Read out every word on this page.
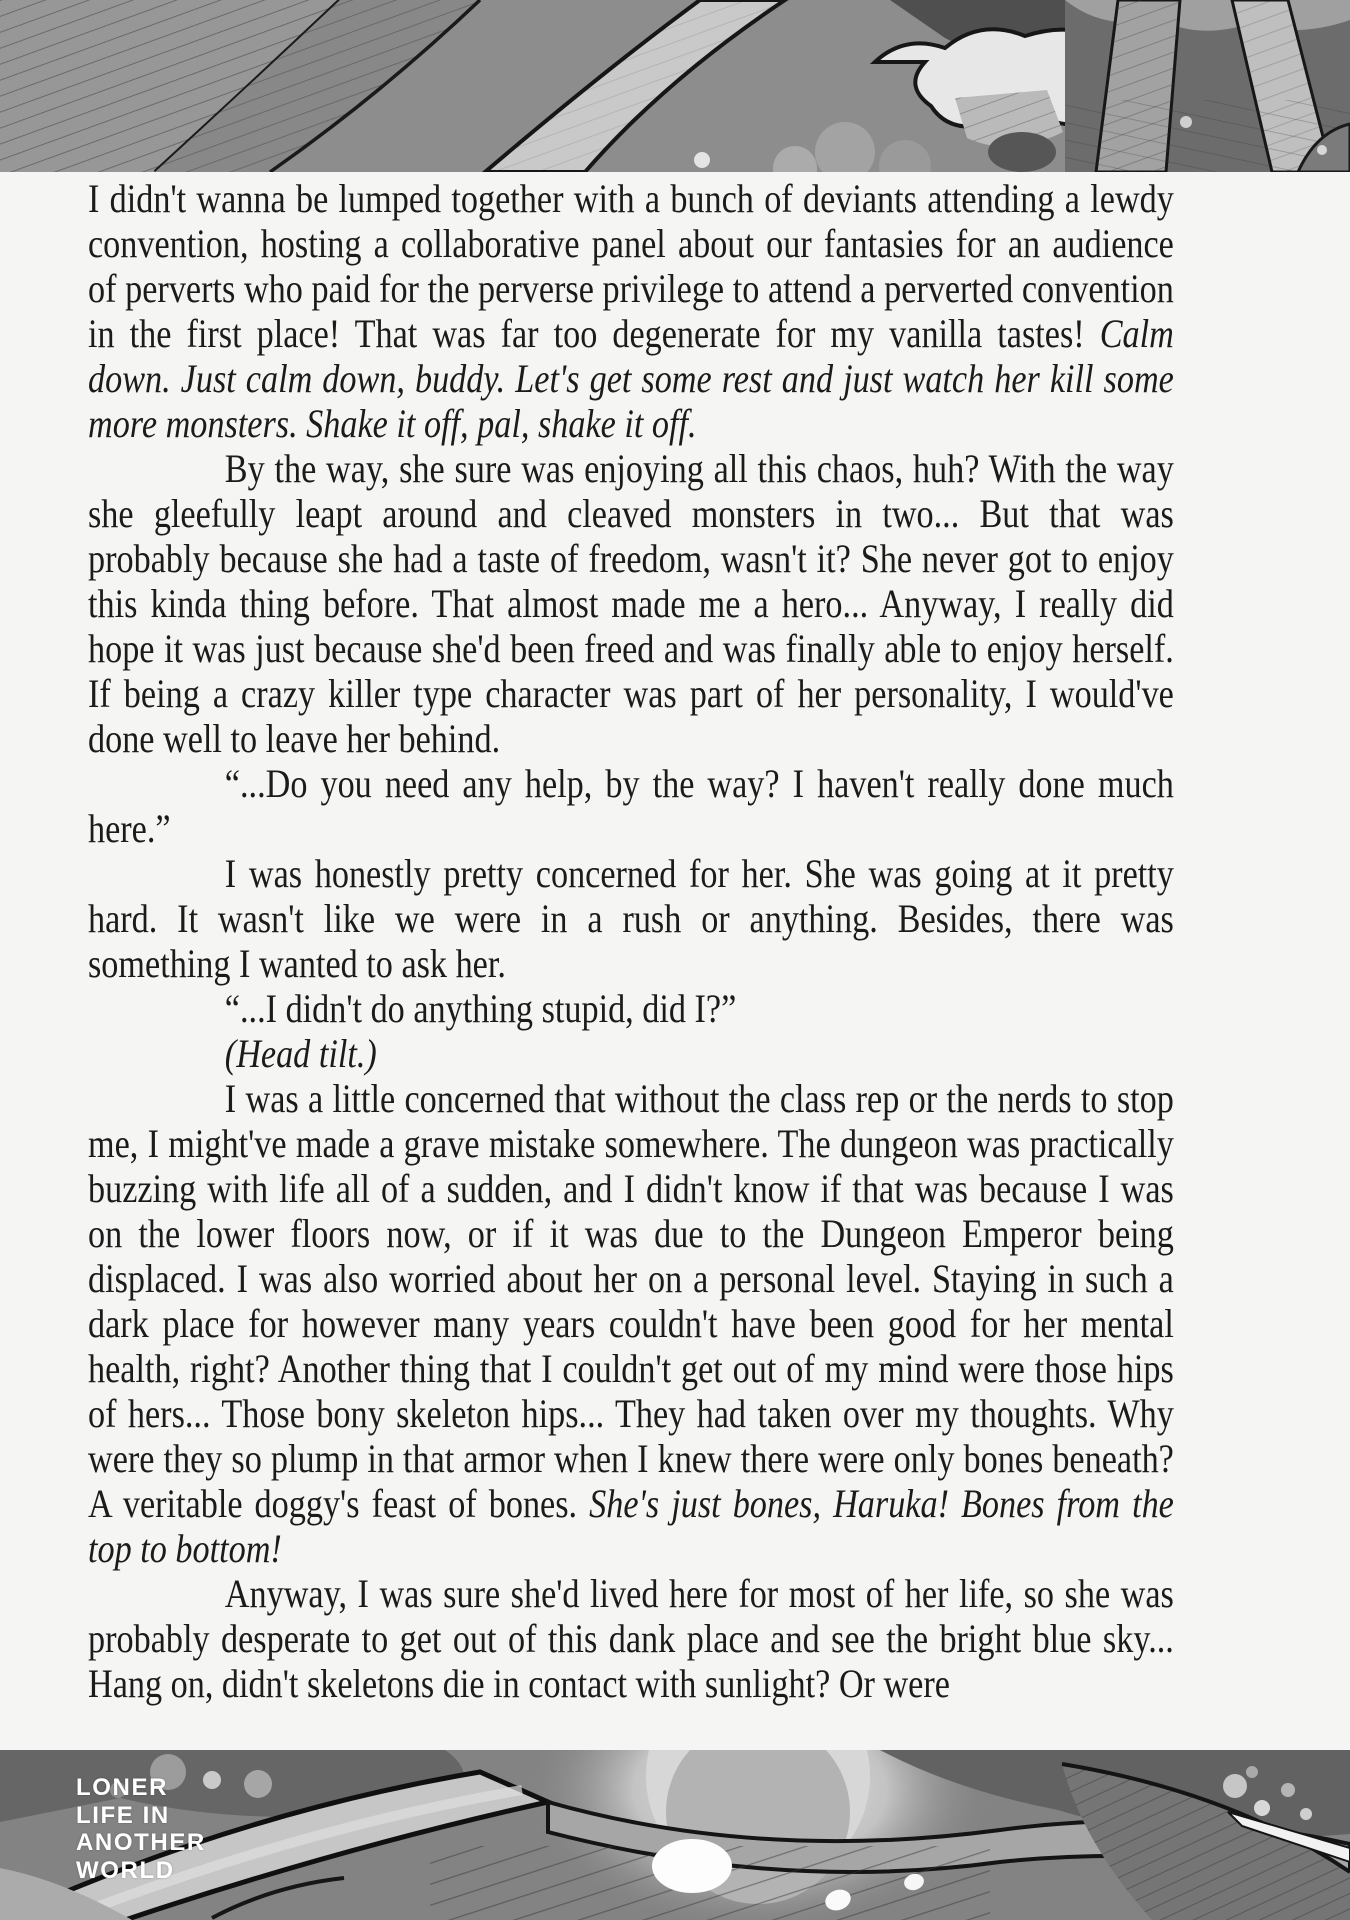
I didn't wanna be lumped together with a bunch of deviants attending a lewdy convention, hosting a collaborative panel about our fantasies for an audience of perverts who paid for the perverse privilege to attend a perverted convention in the first place! That was far too degenerate for my vanilla tastes! Calm down. Just calm down, buddy. Let's get some rest and just watch her kill some more monsters. Shake it off, pal, shake it off.

By the way, she sure was enjoying all this chaos, huh? With the way she gleefully leapt around and cleaved monsters in two... But that was probably because she had a taste of freedom, wasn't it? She never got to enjoy this kinda thing before. That almost made me a hero... Anyway, I really did hope it was just because she'd been freed and was finally able to enjoy herself. If being a crazy killer type character was part of her personality, I would've done well to leave her behind.

“...Do you need any help, by the way? I haven't really done much here.”

I was honestly pretty concerned for her. She was going at it pretty hard. It wasn't like we were in a rush or anything. Besides, there was something I wanted to ask her.

“...I didn't do anything stupid, did I?”

(Head tilt.)

I was a little concerned that without the class rep or the nerds to stop me, I might've made a grave mistake somewhere. The dungeon was practically buzzing with life all of a sudden, and I didn't know if that was because I was on the lower floors now, or if it was due to the Dungeon Emperor being displaced. I was also worried about her on a personal level. Staying in such a dark place for however many years couldn't have been good for her mental health, right? Another thing that I couldn't get out of my mind were those hips of hers... Those bony skeleton hips... They had taken over my thoughts. Why were they so plump in that armor when I knew there were only bones beneath? A veritable doggy's feast of bones. She's just bones, Haruka! Bones from the top to bottom!

Anyway, I was sure she'd lived here for most of her life, so she was probably desperate to get out of this dank place and see the bright blue sky... Hang on, didn't skeletons die in contact with sunlight? Or were

LONER
LIFE IN
ANOTHER
WORLD
